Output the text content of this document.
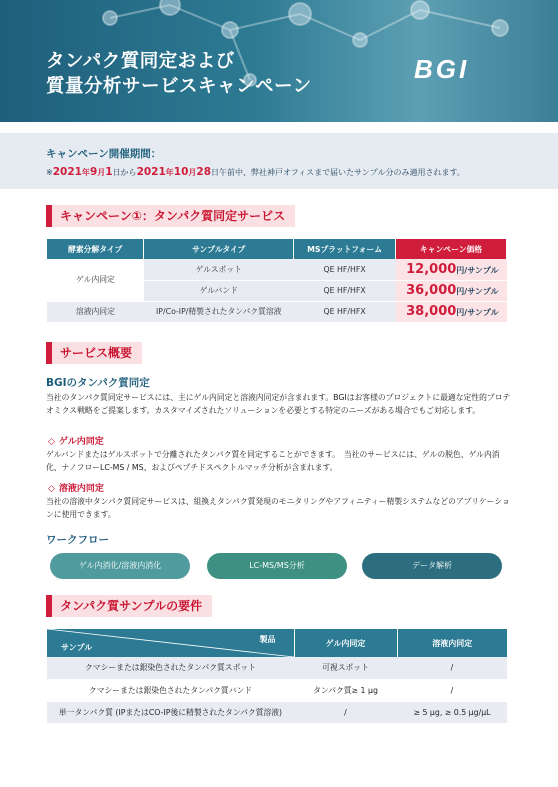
タンパク質同定および
質量分析サービスキャンペーン
BGI
キャンペーン開催期間：
※2021年9月1日から2021年10月28日午前中、弊社神戸オフィスまで届いたサンプル分のみ適用されます。
キャンペーン①：タンパク質同定サービス
酵素分解タイプ	サンプルタイプ	MSプラットフォーム	キャンペーン価格
ゲル内同定	ゲルスポット	QE HF/HFX	12,000円/サンプル
	ゲルバンド	QE HF/HFX	36,000円/サンプル
溶液内同定	IP/Co-IP/精製されたタンパク質溶液	QE HF/HFX	38,000円/サンプル
サービス概要
BGIのタンパク質同定
当社のタンパク質同定サービスには、主にゲル内同定と溶液内同定が含まれます。BGIはお客様のプロジェクトに最適な定性的プロテオミクス戦略をご提案します。カスタマイズされたソリューションを必要とする特定のニーズがある場合でもご対応します。
◇ ゲル内同定
ゲルバンドまたはゲルスポットで分離されたタンパク質を同定することができます。　当社のサービスには、ゲルの脱色、ゲル内消化、ナノフローLC-MS / MS、およびペプチドスペクトルマッチ分析が含まれます。
◇ 溶液内同定
当社の溶液中タンパク質同定サービスは、組換えタンパク質発現のモニタリングやアフィニティー精製システムなどのアプリケーションに使用できます。
ワークフロー
ゲル内消化/溶液内消化	LC-MS/MS分析	データ解析
タンパク質サンプルの要件
製品
サンプル	ゲル内同定	溶液内同定
クマシーまたは銀染色されたタンパク質スポット	可視スポット	/
クマシーまたは銀染色されたタンパク質バンド	タンパク質≥ 1 μg	/
単一タンパク質 (IPまたはCO-IP後に精製されたタンパク質溶液)	/	≥ 5 μg, ≥ 0.5 μg/μL
